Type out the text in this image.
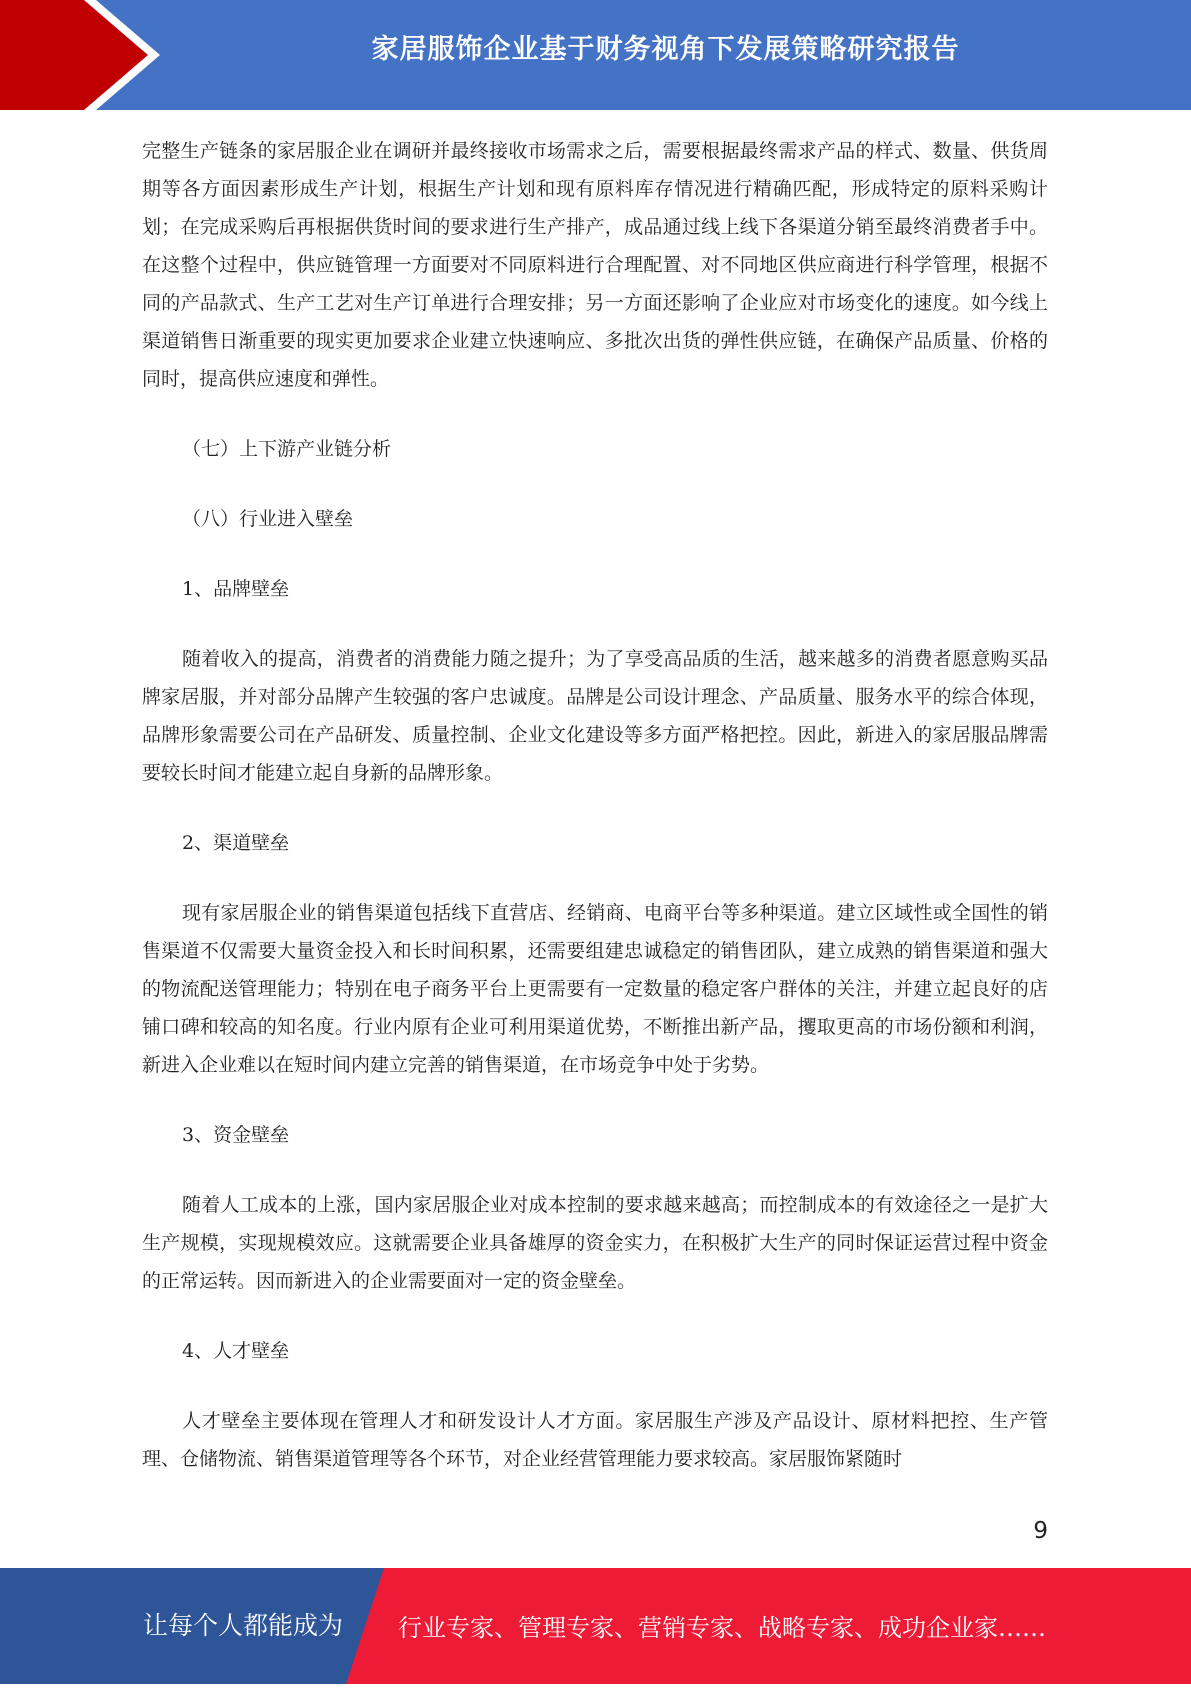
家居服饰企业基于财务视角下发展策略研究报告

完整生产链条的家居服企业在调研并最终接收市场需求之后，需要根据最终需求产品的样式、数量、供货周期等各方面因素形成生产计划，根据生产计划和现有原料库存情况进行精确匹配，形成特定的原料采购计划；在完成采购后再根据供货时间的要求进行生产排产，成品通过线上线下各渠道分销至最终消费者手中。在这整个过程中，供应链管理一方面要对不同原料进行合理配置、对不同地区供应商进行科学管理，根据不同的产品款式、生产工艺对生产订单进行合理安排；另一方面还影响了企业应对市场变化的速度。如今线上渠道销售日渐重要的现实更加要求企业建立快速响应、多批次出货的弹性供应链，在确保产品质量、价格的同时，提高供应速度和弹性。

（七）上下游产业链分析

（八）行业进入壁垒

1、品牌壁垒

随着收入的提高，消费者的消费能力随之提升；为了享受高品质的生活，越来越多的消费者愿意购买品牌家居服，并对部分品牌产生较强的客户忠诚度。品牌是公司设计理念、产品质量、服务水平的综合体现，品牌形象需要公司在产品研发、质量控制、企业文化建设等多方面严格把控。因此，新进入的家居服品牌需要较长时间才能建立起自身新的品牌形象。

2、渠道壁垒

现有家居服企业的销售渠道包括线下直营店、经销商、电商平台等多种渠道。建立区域性或全国性的销售渠道不仅需要大量资金投入和长时间积累，还需要组建忠诚稳定的销售团队，建立成熟的销售渠道和强大的物流配送管理能力；特别在电子商务平台上更需要有一定数量的稳定客户群体的关注，并建立起良好的店铺口碑和较高的知名度。行业内原有企业可利用渠道优势，不断推出新产品，攫取更高的市场份额和利润，新进入企业难以在短时间内建立完善的销售渠道，在市场竞争中处于劣势。

3、资金壁垒

随着人工成本的上涨，国内家居服企业对成本控制的要求越来越高；而控制成本的有效途径之一是扩大生产规模，实现规模效应。这就需要企业具备雄厚的资金实力，在积极扩大生产的同时保证运营过程中资金的正常运转。因而新进入的企业需要面对一定的资金壁垒。

4、人才壁垒

人才壁垒主要体现在管理人才和研发设计人才方面。家居服生产涉及产品设计、原材料把控、生产管理、仓储物流、销售渠道管理等各个环节，对企业经营管理能力要求较高。家居服饰紧随时

9
让每个人都能成为 行业专家、管理专家、营销专家、战略专家、成功企业家……
